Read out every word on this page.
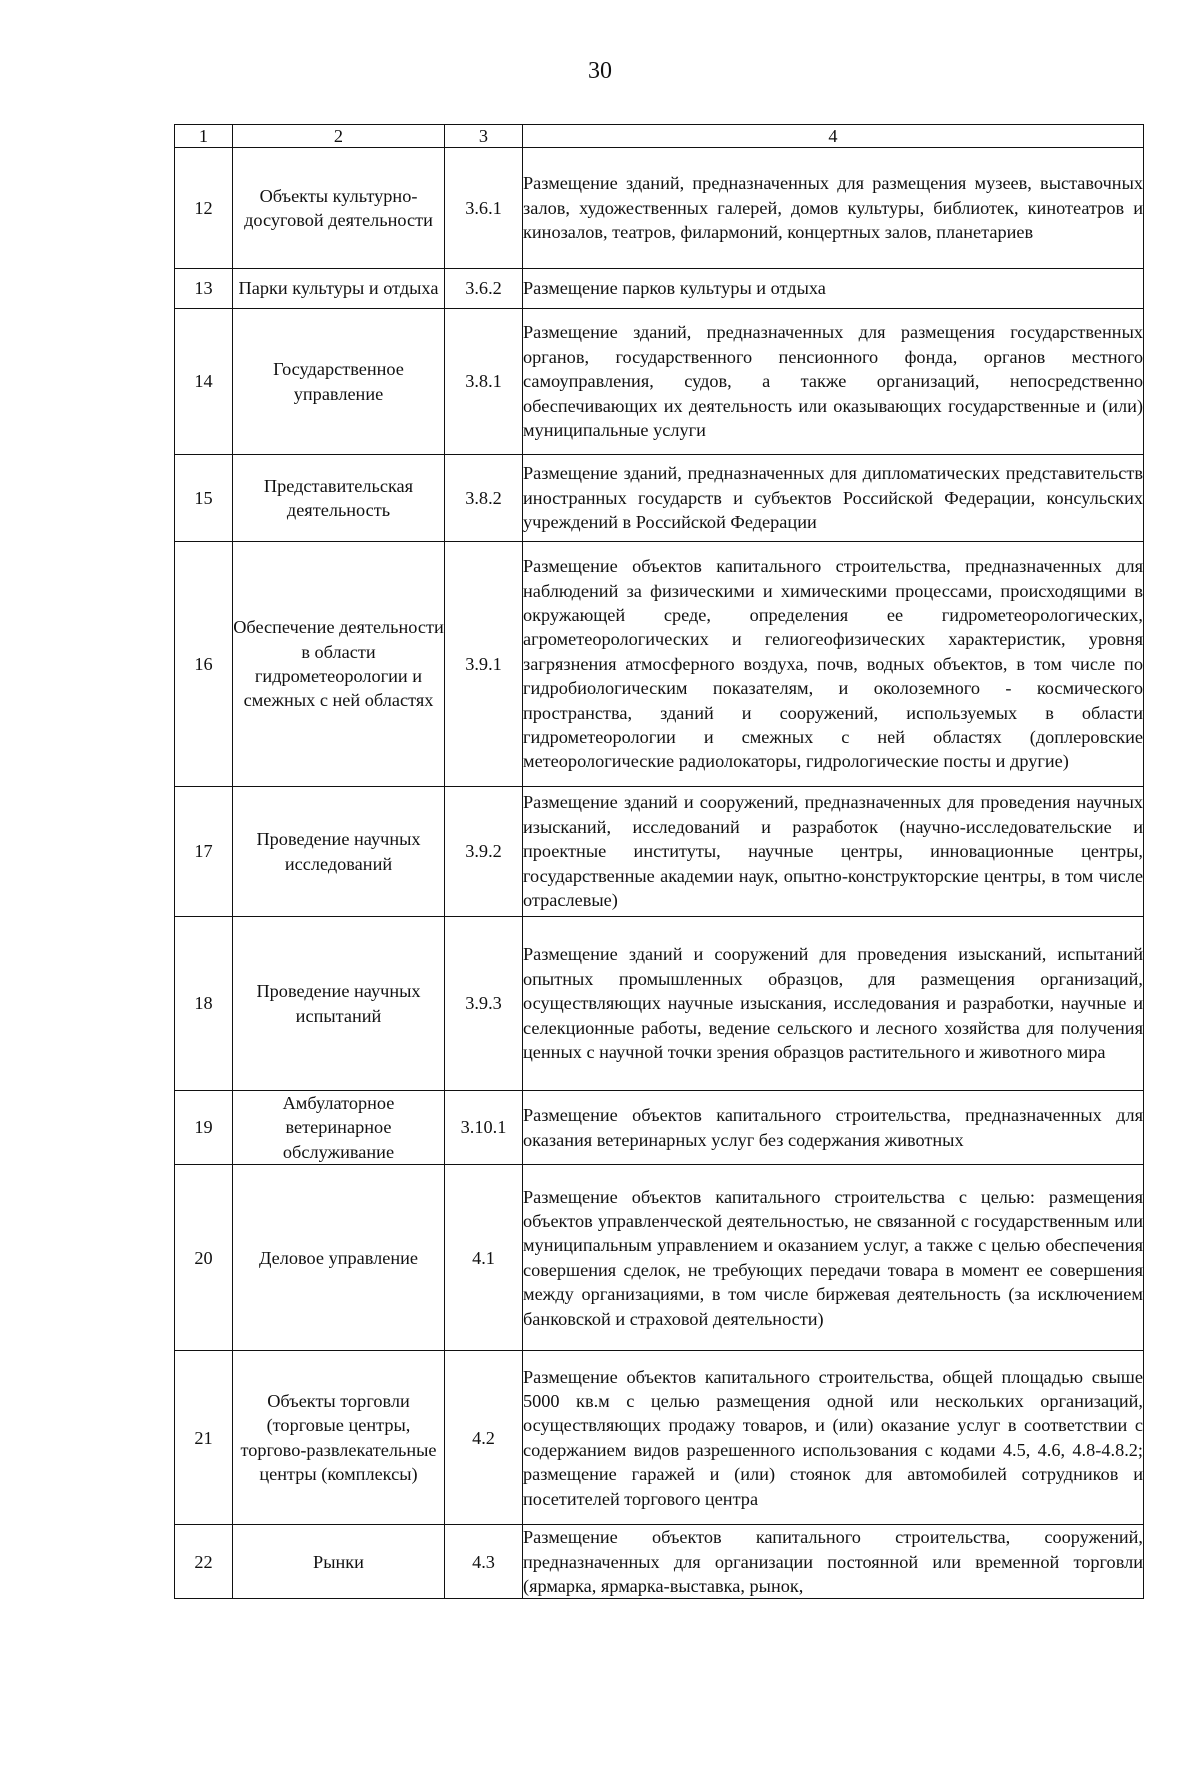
30
1	2	3	4
12	Объекты культурно-досуговой деятельности	3.6.1	Размещение зданий, предназначенных для размещения музеев, выставочных залов, художественных галерей, домов культуры, библиотек, кинотеатров и кинозалов, театров, филармоний, концертных залов, планетариев
13	Парки культуры и отдыха	3.6.2	Размещение парков культуры и отдыха
14	Государственное управление	3.8.1	Размещение зданий, предназначенных для размещения государственных органов, государственного пенсионного фонда, органов местного самоуправления, судов, а также организаций, непосредственно обеспечивающих их деятельность или оказывающих государственные и (или) муниципальные услуги
15	Представительская деятельность	3.8.2	Размещение зданий, предназначенных для дипломатических представительств иностранных государств и субъектов Российской Федерации, консульских учреждений в Российской Федерации
16	Обеспечение деятельности в области гидрометеорологии и смежных с ней областях	3.9.1	Размещение объектов капитального строительства, предназначенных для наблюдений за физическими и химическими процессами, происходящими в окружающей среде, определения ее гидрометеорологических, агрометеорологических и гелиогеофизических характеристик, уровня загрязнения атмосферного воздуха, почв, водных объектов, в том числе по гидробиологическим показателям, и околоземного - космического пространства, зданий и сооружений, используемых в области гидрометеорологии и смежных с ней областях (доплеровские метеорологические радиолокаторы, гидрологические посты и другие)
17	Проведение научных исследований	3.9.2	Размещение зданий и сооружений, предназначенных для проведения научных изысканий, исследований и разработок (научно-исследовательские и проектные институты, научные центры, инновационные центры, государственные академии наук, опытно-конструкторские центры, в том числе отраслевые)
18	Проведение научных испытаний	3.9.3	Размещение зданий и сооружений для проведения изысканий, испытаний опытных промышленных образцов, для размещения организаций, осуществляющих научные изыскания, исследования и разработки, научные и селекционные работы, ведение сельского и лесного хозяйства для получения ценных с научной точки зрения образцов растительного и животного мира
19	Амбулаторное ветеринарное обслуживание	3.10.1	Размещение объектов капитального строительства, предназначенных для оказания ветеринарных услуг без содержания животных
20	Деловое управление	4.1	Размещение объектов капитального строительства с целью: размещения объектов управленческой деятельностью, не связанной с государственным или муниципальным управлением и оказанием услуг, а также с целью обеспечения совершения сделок, не требующих передачи товара в момент ее совершения между организациями, в том числе биржевая деятельность (за исключением банковской и страховой деятельности)
21	Объекты торговли (торговые центры, торгово-развлекательные центры (комплексы)	4.2	Размещение объектов капитального строительства, общей площадью свыше 5000 кв.м с целью размещения одной или нескольких организаций, осуществляющих продажу товаров, и (или) оказание услуг в соответствии с содержанием видов разрешенного использования с кодами 4.5, 4.6, 4.8-4.8.2; размещение гаражей и (или) стоянок для автомобилей сотрудников и посетителей торгового центра
22	Рынки	4.3	Размещение объектов капитального строительства, сооружений, предназначенных для организации постоянной или временной торговли (ярмарка, ярмарка-выставка, рынок,
